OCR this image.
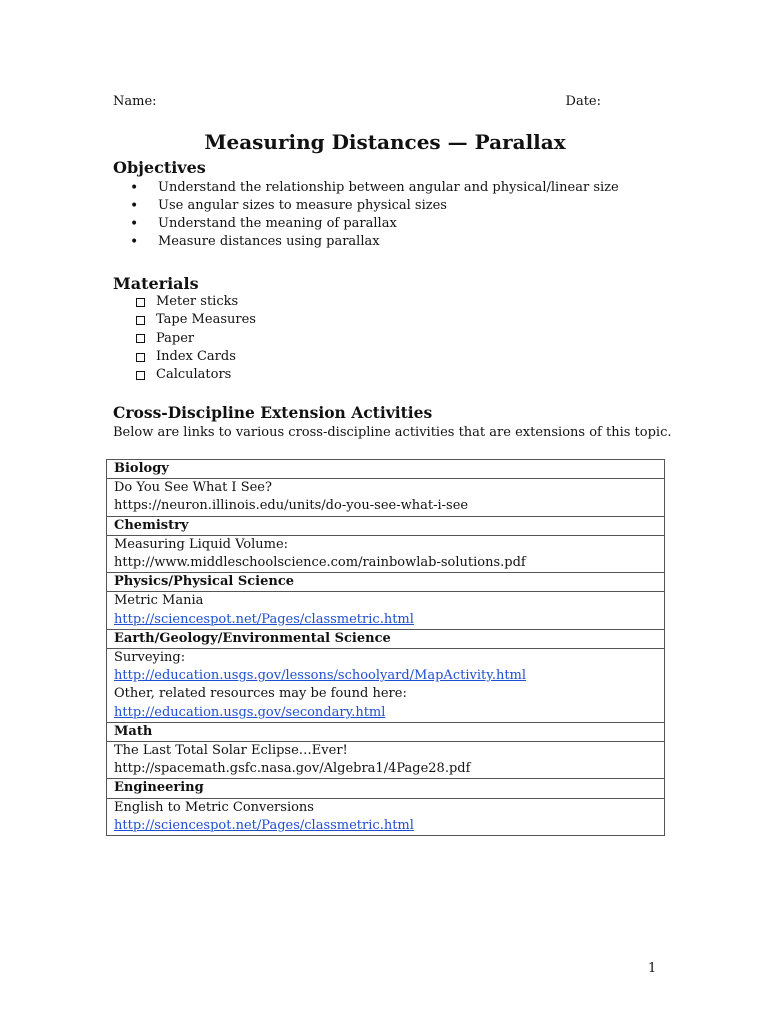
Name:	Date:
Measuring Distances — Parallax
Objectives
• Understand the relationship between angular and physical/linear size
• Use angular sizes to measure physical sizes
• Understand the meaning of parallax
• Measure distances using parallax
Materials
Meter sticks
Tape Measures
Paper
Index Cards
Calculators
Cross-Discipline Extension Activities

Below are links to various cross-discipline activities that are extensions of this topic.

Biology

Do You See What I See?
https://neuron.illinois.edu/units/do-you-see-what-i-see

Chemistry

Measuring Liquid Volume:
http://www.middleschoolscience.com/rainbowlab-solutions.pdf

Physics/Physical Science

Metric Mania
http://sciencespot.net/Pages/classmetric.html

Earth/Geology/Environmental Science

Surveying:
http://education.usgs.gov/lessons/schoolyard/MapActivity.html
Other, related resources may be found here:
http://education.usgs.gov/secondary.html

Math

The Last Total Solar Eclipse…Ever!
http://spacemath.gsfc.nasa.gov/Algebra1/4Page28.pdf

Engineering

English to Metric Conversions
http://sciencespot.net/Pages/classmetric.html
1
